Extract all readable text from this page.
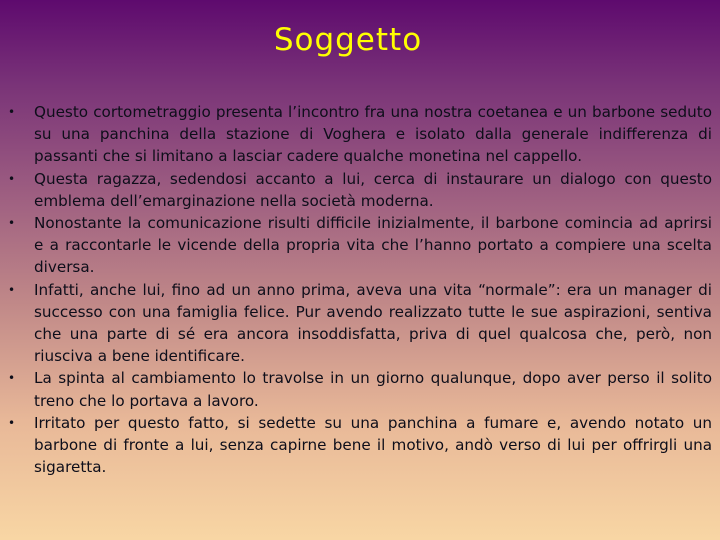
Soggetto
• Questo cortometraggio presenta l’incontro fra una nostra coetanea e un barbone seduto su una panchina della stazione di Voghera e isolato dalla generale indifferenza di passanti che si limitano a lasciar cadere qualche monetina nel cappello.
• Questa ragazza, sedendosi accanto a lui, cerca di instaurare un dialogo con questo emblema dell’emarginazione nella società moderna.
• Nonostante la comunicazione risulti difficile inizialmente, il barbone comincia ad aprirsi e a raccontarle le vicende della propria vita che l’hanno portato a compiere una scelta diversa.
• Infatti, anche lui, fino ad un anno prima, aveva una vita “normale”: era un manager di successo con una famiglia felice. Pur avendo realizzato tutte le sue aspirazioni, sentiva che una parte di sé era ancora insoddisfatta, priva di quel qualcosa che, però, non riusciva a bene identificare.
• La spinta al cambiamento lo travolse in un giorno qualunque, dopo aver perso il solito treno che lo portava a lavoro.
• Irritato per questo fatto, si sedette su una panchina a fumare e, avendo notato un barbone di fronte a lui, senza capirne bene il motivo, andò verso di lui per offrirgli una sigaretta.
